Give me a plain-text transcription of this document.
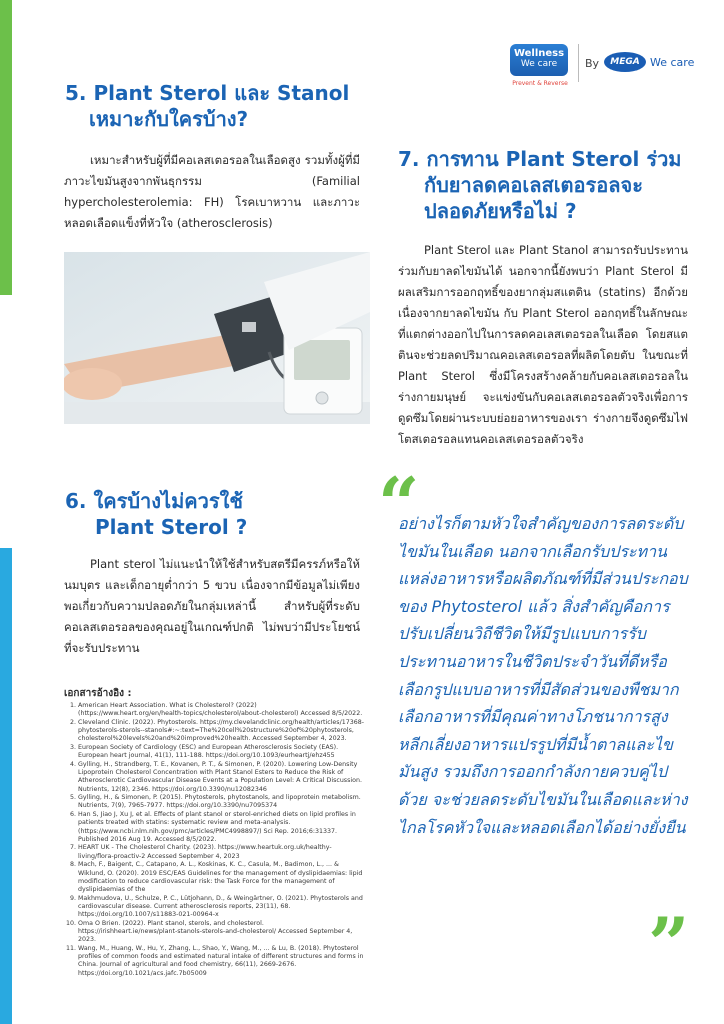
Wellness
We care
Prevent & Reverse
By	MEGA We care
5. Plant Sterol และ Stanol
เหมาะกับใครบ้าง?
เหมาะสำหรับผู้ที่มีคอเลสเตอรอลในเลือดสูง รวมทั้งผู้ที่มีภาวะไขมันสูงจากพันธุกรรม (Familial hypercholesterolemia: FH) โรคเบาหวาน และภาวะหลอดเลือดแข็งที่หัวใจ (atherosclerosis)
7. การทาน Plant Sterol ร่วม
กับยาลดคอเลสเตอรอลจะ
ปลอดภัยหรือไม่ ?
Plant Sterol และ Plant Stanol สามารถรับประทานร่วมกับยาลดไขมันได้ นอกจากนี้ยังพบว่า Plant Sterol มีผลเสริมการออกฤทธิ์ของยากลุ่มสแตติน (statins) อีกด้วย เนื่องจากยาลดไขมัน กับ Plant Sterol ออกฤทธิ์ในลักษณะที่แตกต่างออกไปในการลดคอเลสเตอรอลในเลือด โดยสแตตินจะช่วยลดปริมาณคอเลสเตอรอลที่ผลิตโดยตับ ในขณะที่ Plant Sterol ซึ่งมีโครงสร้างคล้ายกับคอเลสเตอรอลในร่างกายมนุษย์ จะแข่งขันกับคอเลสเตอรอลตัวจริงเพื่อการดูดซึมโดยผ่านระบบย่อยอาหารของเรา ร่างกายจึงดูดซึมไฟโตสเตอรอลแทนคอเลสเตอรอลตัวจริง
6. ใครบ้างไม่ควรใช้
Plant Sterol ?
Plant sterol ไม่แนะนำให้ใช้สำหรับสตรีมีครรภ์หรือให้นมบุตร และเด็กอายุต่ำกว่า 5 ขวบ เนื่องจากมีข้อมูลไม่เพียงพอเกี่ยวกับความปลอดภัยในกลุ่มเหล่านี้ สำหรับผู้ที่ระดับคอเลสเตอรอลของคุณอยู่ในเกณฑ์ปกติ ไม่พบว่ามีประโยชน์ที่จะรับประทาน
เอกสารอ้างอิง :
1. American Heart Association. What is Cholesterol? (2022) (https://www.heart.org/en/health-topics/cholesterol/about-cholesterol) Accessed 8/5/2022.
2. Cleveland Clinic. (2022). Phytosterols. https://my.clevelandclinic.org/health/articles/17368-phytosterols-sterols--stanols#:~:text=The%20cell%20structure%20of%20phytosterols, cholesterol%20levels%20and%20improved%20health. Accessed September 4, 2023.
3. European Society of Cardiology (ESC) and European Atherosclerosis Society (EAS). European heart journal, 41(1), 111-188. https://doi.org/10.1093/eurheartj/ehz455
4. Gylling, H., Strandberg, T. E., Kovanen, P. T., & Simonen, P. (2020). Lowering Low-Density Lipoprotein Cholesterol Concentration with Plant Stanol Esters to Reduce the Risk of Atherosclerotic Cardiovascular Disease Events at a Population Level: A Critical Discussion. Nutrients, 12(8), 2346. https://doi.org/10.3390/nu12082346
5. Gylling, H., & Simonen, P. (2015). Phytosterols, phytostanols, and lipoprotein metabolism. Nutrients, 7(9), 7965-7977. https://doi.org/10.3390/nu7095374
6. Han S, Jiao J, Xu J, et al. Effects of plant stanol or sterol-enriched diets on lipid profiles in patients treated with statins: systematic review and meta-analysis. (https://www.ncbi.nlm.nih.gov/pmc/articles/PMC4998897/) Sci Rep. 2016;6:31337. Published 2016 Aug 19. Accessed 8/5/2022.
7. HEART UK - The Cholesterol Charity. (2023). https://www.heartuk.org.uk/healthy-living/flora-proactiv-2 Accessed September 4, 2023
8. Mach, F., Baigent, C., Catapano, A. L., Koskinas, K. C., Casula, M., Badimon, L., ... & Wiklund, O. (2020). 2019 ESC/EAS Guidelines for the management of dyslipidaemias: lipid modification to reduce cardiovascular risk: the Task Force for the management of dyslipidaemias of the
9. Makhmudova, U., Schulze, P. C., Lütjohann, D., & Weingärtner, O. (2021). Phytosterols and cardiovascular disease. Current atherosclerosis reports, 23(11), 68. https://doi.org/10.1007/s11883-021-00964-x
10. Oma O Brien. (2022). Plant stanol, sterols, and cholesterol. https://irishheart.ie/news/plant-stanols-sterols-and-cholesterol/ Accessed September 4, 2023.
11. Wang, M., Huang, W., Hu, Y., Zhang, L., Shao, Y., Wang, M., ... & Lu, B. (2018). Phytosterol profiles of common foods and estimated natural intake of different structures and forms in China. Journal of agricultural and food chemistry, 66(11), 2669-2676. https://doi.org/10.1021/acs.jafc.7b05009
“
อย่างไรก็ตามหัวใจสำคัญของการลดระดับไขมันในเลือด นอกจากเลือกรับประทานแหล่งอาหารหรือผลิตภัณฑ์ที่มีส่วนประกอบของ Phytosterol แล้ว สิ่งสำคัญคือการปรับเปลี่ยนวิถีชีวิตให้มีรูปแบบการรับประทานอาหารในชีวิตประจำวันที่ดีหรือเลือกรูปแบบอาหารที่มีสัดส่วนของพืชมากเลือกอาหารที่มีคุณค่าทางโภชนาการสูง หลีกเลี่ยงอาหารแปรรูปที่มีน้ำตาลและไขมันสูง รวมถึงการออกกำลังกายควบคู่ไปด้วย จะช่วยลดระดับไขมันในเลือดและห่างไกลโรคหัวใจและหลอดเลือกได้อย่างยั่งยืน
”
